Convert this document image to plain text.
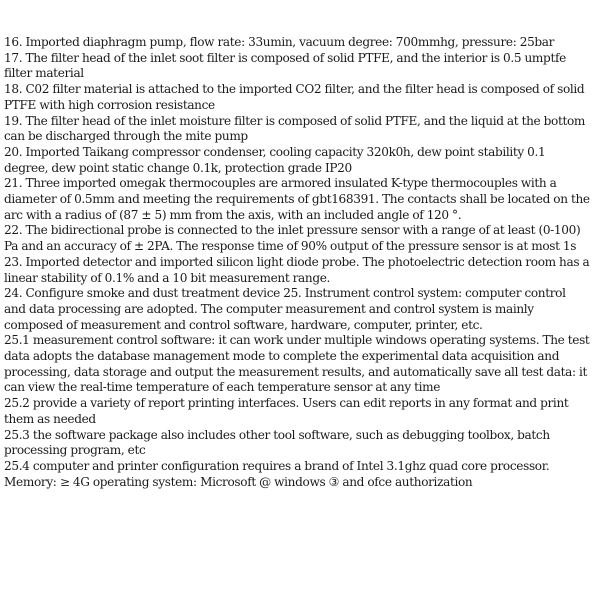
16. Imported diaphragm pump, flow rate: 33umin, vacuum degree: 700mmhg, pressure: 25bar

17. The filter head of the inlet soot filter is composed of solid PTFE, and the interior is 0.5 umptfe filter material

18. C02 filter material is attached to the imported CO2 filter, and the filter head is composed of solid PTFE with high corrosion resistance

19. The filter head of the inlet moisture filter is composed of solid PTFE, and the liquid at the bottom can be discharged through the mite pump

20. Imported Taikang compressor condenser, cooling capacity 320k0h, dew point stability 0.1 degree, dew point static change 0.1k, protection grade IP20

21. Three imported omegak thermocouples are armored insulated K-type thermocouples with a diameter of 0.5mm and meeting the requirements of gbt168391. The contacts shall be located on the arc with a radius of (87 ± 5) mm from the axis, with an included angle of 120 °.

22. The bidirectional probe is connected to the inlet pressure sensor with a range of at least (0-100) Pa and an accuracy of ± 2PA. The response time of 90% output of the pressure sensor is at most 1s

23. Imported detector and imported silicon light diode probe. The photoelectric detection room has a linear stability of 0.1% and a 10 bit measurement range.

24. Configure smoke and dust treatment device 25. Instrument control system: computer control and data processing are adopted. The computer measurement and control system is mainly composed of measurement and control software, hardware, computer, printer, etc.

25.1 measurement control software: it can work under multiple windows operating systems. The test data adopts the database management mode to complete the experimental data acquisition and processing, data storage and output the measurement results, and automatically save all test data: it can view the real-time temperature of each temperature sensor at any time

25.2 provide a variety of report printing interfaces. Users can edit reports in any format and print them as needed

25.3 the software package also includes other tool software, such as debugging toolbox, batch processing program, etc

25.4 computer and printer configuration requires a brand of Intel 3.1ghz quad core processor. Memory: ≥ 4G operating system: Microsoft @ windows ③ and ofce authorization
